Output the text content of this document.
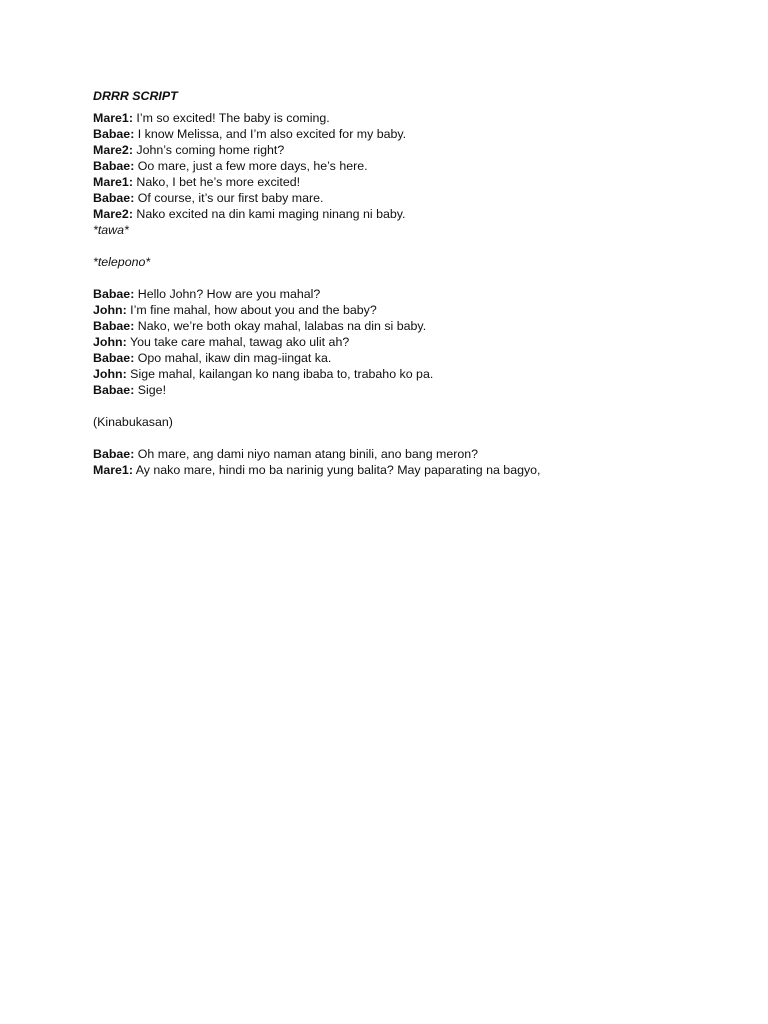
DRRR SCRIPT
Mare1: I’m so excited! The baby is coming.
Babae: I know Melissa, and I’m also excited for my baby.
Mare2: John’s coming home right?
Babae: Oo mare, just a few more days, he’s here.
Mare1: Nako, I bet he’s more excited!
Babae: Of course, it’s our first baby mare.
Mare2: Nako excited na din kami maging ninang ni baby.
*tawa*
*telepono*
Babae: Hello John? How are you mahal?
John: I’m fine mahal, how about you and the baby?
Babae: Nako, we’re both okay mahal, lalabas na din si baby.
John: You take care mahal, tawag ako ulit ah?
Babae: Opo mahal, ikaw din mag-iingat ka.
John: Sige mahal, kailangan ko nang ibaba to, trabaho ko pa.
Babae: Sige!
(Kinabukasan)
Babae: Oh mare, ang dami niyo naman atang binili, ano bang meron?
Mare1: Ay nako mare, hindi mo ba narinig yung balita? May paparating na bagyo,
